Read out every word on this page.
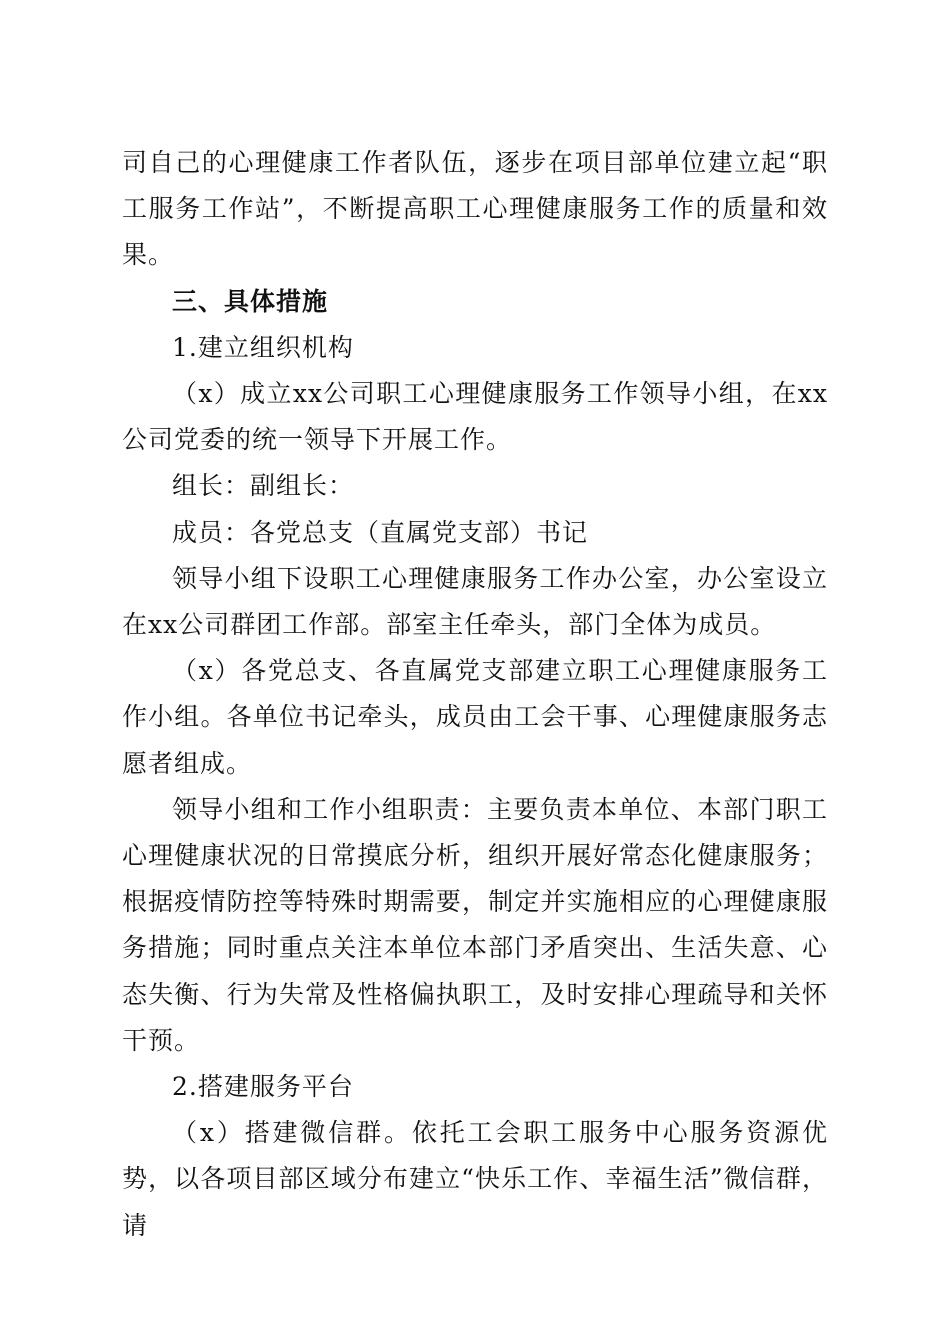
司自己的心理健康工作者队伍，逐步在项目部单位建立起“职工服务工作站”，不断提高职工心理健康服务工作的质量和效果。

三、具体措施

1.建立组织机构

（x）成立xx公司职工心理健康服务工作领导小组，在xx公司党委的统一领导下开展工作。

组长：副组长：

成员：各党总支（直属党支部）书记

领导小组下设职工心理健康服务工作办公室，办公室设立在xx公司群团工作部。部室主任牵头，部门全体为成员。

（x）各党总支、各直属党支部建立职工心理健康服务工作小组。各单位书记牵头，成员由工会干事、心理健康服务志愿者组成。

领导小组和工作小组职责：主要负责本单位、本部门职工心理健康状况的日常摸底分析，组织开展好常态化健康服务；根据疫情防控等特殊时期需要，制定并实施相应的心理健康服务措施；同时重点关注本单位本部门矛盾突出、生活失意、心态失衡、行为失常及性格偏执职工，及时安排心理疏导和关怀干预。

2.搭建服务平台

（x）搭建微信群。依托工会职工服务中心服务资源优势，以各项目部区域分布建立“快乐工作、幸福生活”微信群，请
